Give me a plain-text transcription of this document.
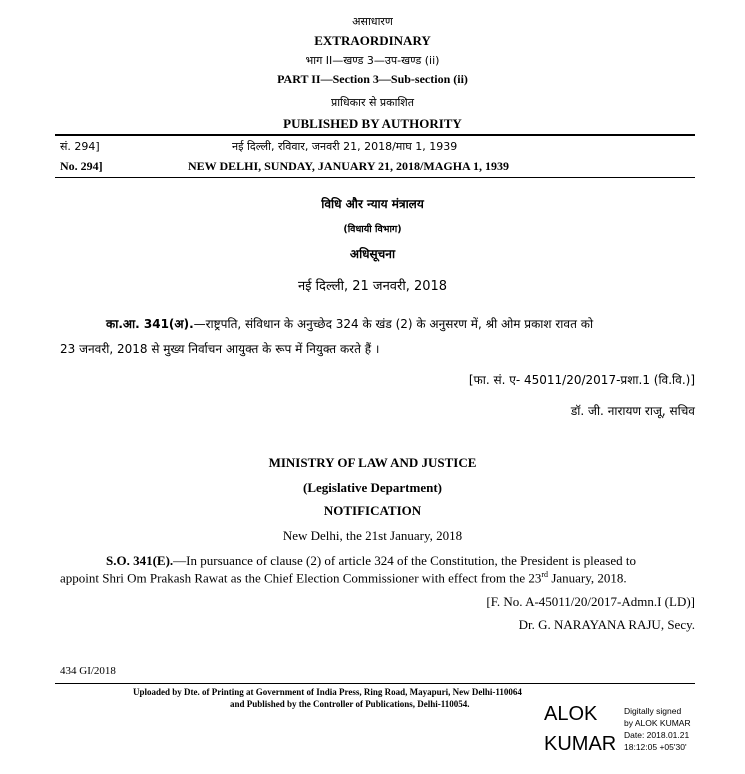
असाधारण
EXTRAORDINARY
भाग II—खण्ड 3—उप-खण्ड (ii)
PART II—Section 3—Sub-section (ii)
प्राधिकार से प्रकाशित
PUBLISHED BY AUTHORITY
सं. 294]	नई दिल्ली, रविवार, जनवरी 21, 2018/माघ 1, 1939
No. 294]	NEW DELHI, SUNDAY, JANUARY 21, 2018/MAGHA 1, 1939
विधि और न्याय मंत्रालय
(विधायी विभाग)
अधिसूचना
नई दिल्ली, 21 जनवरी, 2018
का.आ. 341(अ).—राष्ट्रपति, संविधान के अनुच्छेद 324 के खंड (2) के अनुसरण में, श्री ओम प्रकाश रावत को
23 जनवरी, 2018 से मुख्य निर्वाचन आयुक्त के रूप में नियुक्त करते हैं ।
[फा. सं. ए- 45011/20/2017-प्रशा.1 (वि.वि.)]
डॉ. जी. नारायण राजू, सचिव
MINISTRY OF LAW AND JUSTICE
(Legislative Department)
NOTIFICATION
New Delhi, the 21st January, 2018
S.O. 341(E).—In pursuance of clause (2) of article 324 of the Constitution, the President is pleased to
appoint Shri Om Prakash Rawat as the Chief Election Commissioner with effect from the 23rd January, 2018.
[F. No. A-45011/20/2017-Admn.I (LD)]
Dr. G. NARAYANA RAJU, Secy.
434 GI/2018
Uploaded by Dte. of Printing at Government of India Press, Ring Road, Mayapuri, New Delhi-110064
and Published by the Controller of Publications, Delhi-110054.	ALOK
KUMAR
Digitally signed
by ALOK KUMAR
Date: 2018.01.21
18:12:05 +05'30'
